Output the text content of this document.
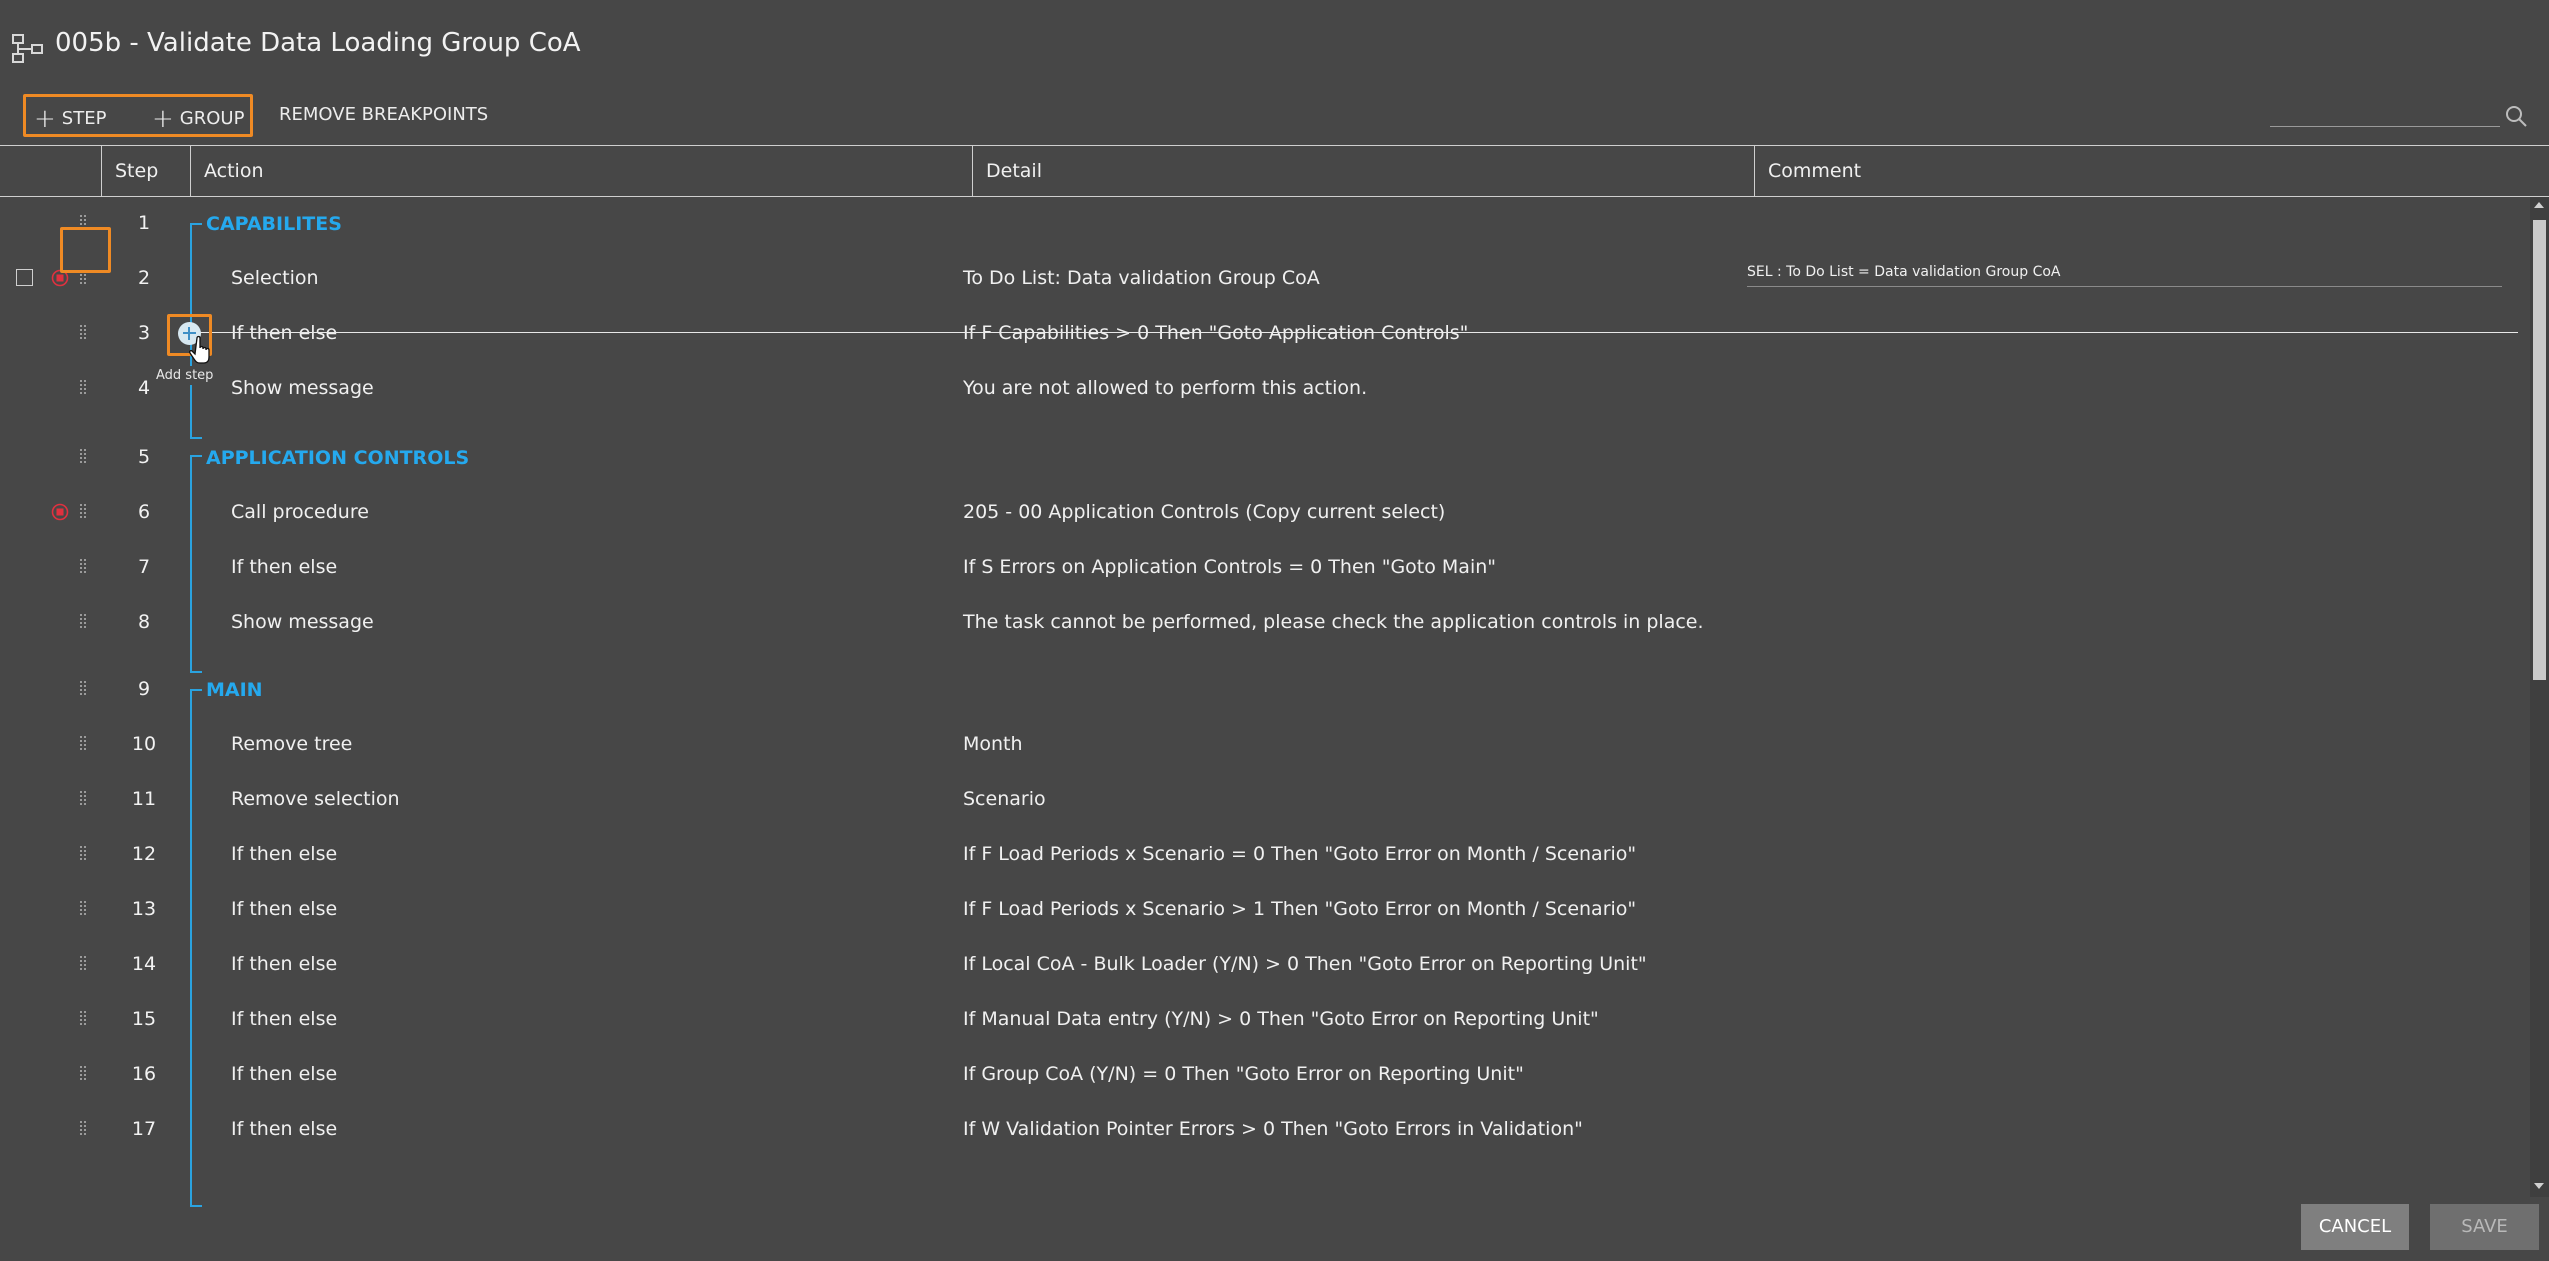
005b - Validate Data Loading Group CoA
+ STEP + GROUP REMOVE BREAKPOINTS
Step	Action	Detail	Comment
1	CAPABILITES
2	Selection	To Do List: Data validation Group CoA	SEL : To Do List = Data validation Group CoA
3	If then else	If F Capabilities > 0 Then "Goto Application Controls"
4	Show message	You are not allowed to perform this action.
5	APPLICATION CONTROLS
6	Call procedure	205 - 00 Application Controls (Copy current select)
7	If then else	If S Errors on Application Controls = 0 Then "Goto Main"
8	Show message	The task cannot be performed, please check the application controls in place.
9	MAIN
10	Remove tree	Month
11	Remove selection	Scenario
12	If then else	If F Load Periods x Scenario = 0 Then "Goto Error on Month / Scenario"
13	If then else	If F Load Periods x Scenario > 1 Then "Goto Error on Month / Scenario"
14	If then else	If Local CoA - Bulk Loader (Y/N) > 0 Then "Goto Error on Reporting Unit"
15	If then else	If Manual Data entry (Y/N) > 0 Then "Goto Error on Reporting Unit"
16	If then else	If Group CoA (Y/N) = 0 Then "Goto Error on Reporting Unit"
17	If then else	If W Validation Pointer Errors > 0 Then "Goto Errors in Validation"
Add step
CANCEL	SAVE
